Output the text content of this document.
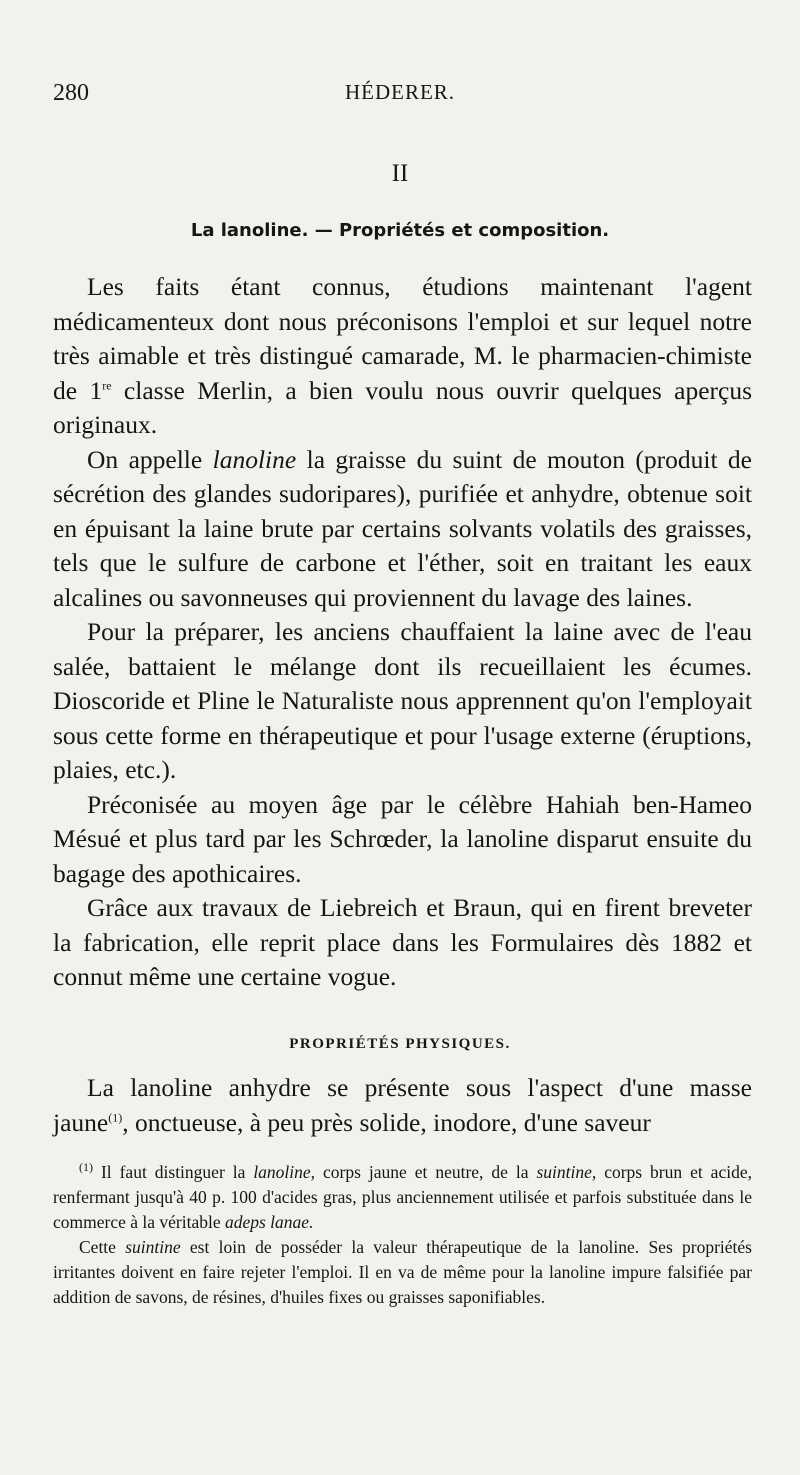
280	HÉDERER.
II
La lanoline. — Propriétés et composition.

Les faits étant connus, étudions maintenant l'agent médicamenteux dont nous préconisons l'emploi et sur lequel notre très aimable et très distingué camarade, M. le pharmacien-chimiste de 1re classe Merlin, a bien voulu nous ouvrir quelques aperçus originaux.

On appelle lanoline la graisse du suint de mouton (produit de sécrétion des glandes sudoripares), purifiée et anhydre, obtenue soit en épuisant la laine brute par certains solvants volatils des graisses, tels que le sulfure de carbone et l'éther, soit en traitant les eaux alcalines ou savonneuses qui proviennent du lavage des laines.

Pour la préparer, les anciens chauffaient la laine avec de l'eau salée, battaient le mélange dont ils recueillaient les écumes. Dioscoride et Pline le Naturaliste nous apprennent qu'on l'employait sous cette forme en thérapeutique et pour l'usage externe (éruptions, plaies, etc.).

Préconisée au moyen âge par le célèbre Hahiah ben-Hameo Mésué et plus tard par les Schrœder, la lanoline disparut ensuite du bagage des apothicaires.

Grâce aux travaux de Liebreich et Braun, qui en firent breveter la fabrication, elle reprit place dans les Formulaires dès 1882 et connut même une certaine vogue.

PROPRIÉTÉS PHYSIQUES.

La lanoline anhydre se présente sous l'aspect d'une masse jaune$^{(1)}$, onctueuse, à peu près solide, inodore, d'une saveur

$^{(1)}$ Il faut distinguer la lanoline, corps jaune et neutre, de la suintine, corps brun et acide, renfermant jusqu'à 40 p. 100 d'acides gras, plus anciennement utilisée et parfois substituée dans le commerce à la véritable adeps lanae.

Cette suintine est loin de posséder la valeur thérapeutique de la lanoline. Ses propriétés irritantes doivent en faire rejeter l'emploi. Il en va de même pour la lanoline impure falsifiée par addition de savons, de résines, d'huiles fixes ou graisses saponifiables.
